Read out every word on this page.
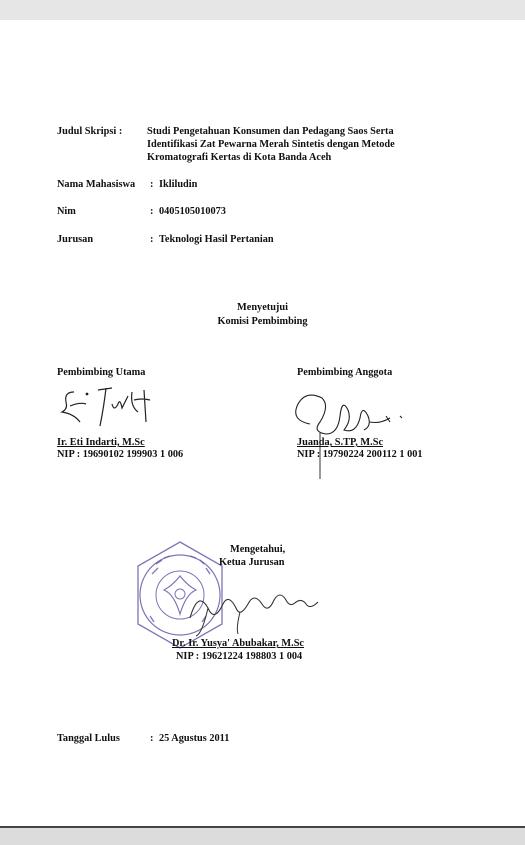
Judul Skripsi : Studi Pengetahuan Konsumen dan Pedagang Saos Serta
Identifikasi Zat Pewarna Merah Sintetis dengan Metode
Kromatografi Kertas di Kota Banda Aceh
Nama Mahasiswa : Ikliludin
Nim	: 0405105010073
Jurusan	: Teknologi Hasil Pertanian
Menyetujui
Komisi Pembimbing
Pembimbing Utama
Ir. Eti Indarti, M.Sc
NIP : 19690102 199903 1 006
Pembimbing Anggota
Juanda, S.TP, M.Sc
NIP : 19790224 200112 1 001
Mengetahui,
Ketua Jurusan
Dr. Ir. Yusya' Abubakar, M.Sc
NIP : 19621224 198803 1 004
Tanggal Lulus	: 25 Agustus 2011
